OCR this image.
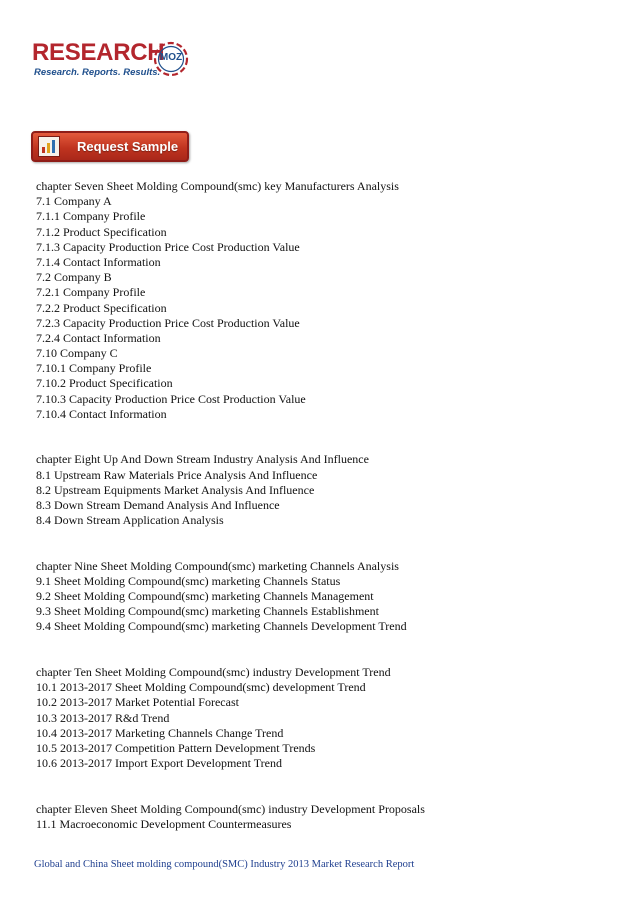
RESEARCH
MOZ
Research. Reports. Results.
Request Sample
chapter Seven Sheet Molding Compound(smc) key Manufacturers Analysis
7.1 Company A
7.1.1 Company Profile
7.1.2 Product Specification
7.1.3 Capacity Production Price Cost Production Value
7.1.4 Contact Information
7.2 Company B
7.2.1 Company Profile
7.2.2 Product Specification
7.2.3 Capacity Production Price Cost Production Value
7.2.4 Contact Information
7.10 Company C
7.10.1 Company Profile
7.10.2 Product Specification
7.10.3 Capacity Production Price Cost Production Value
7.10.4 Contact Information
chapter Eight Up And Down Stream Industry Analysis And Influence
8.1 Upstream Raw Materials Price Analysis And Influence
8.2 Upstream Equipments Market Analysis And Influence
8.3 Down Stream Demand Analysis And Influence
8.4 Down Stream Application Analysis
chapter Nine Sheet Molding Compound(smc) marketing Channels Analysis
9.1 Sheet Molding Compound(smc) marketing Channels Status
9.2 Sheet Molding Compound(smc) marketing Channels Management
9.3 Sheet Molding Compound(smc) marketing Channels Establishment
9.4 Sheet Molding Compound(smc) marketing Channels Development Trend
chapter Ten Sheet Molding Compound(smc) industry Development Trend
10.1 2013-2017 Sheet Molding Compound(smc) development Trend
10.2 2013-2017 Market Potential Forecast
10.3 2013-2017 R&d Trend
10.4 2013-2017 Marketing Channels Change Trend
10.5 2013-2017 Competition Pattern Development Trends
10.6 2013-2017 Import Export Development Trend
chapter Eleven Sheet Molding Compound(smc) industry Development Proposals
11.1 Macroeconomic Development Countermeasures
Global and China Sheet molding compound(SMC) Industry 2013 Market Research Report
